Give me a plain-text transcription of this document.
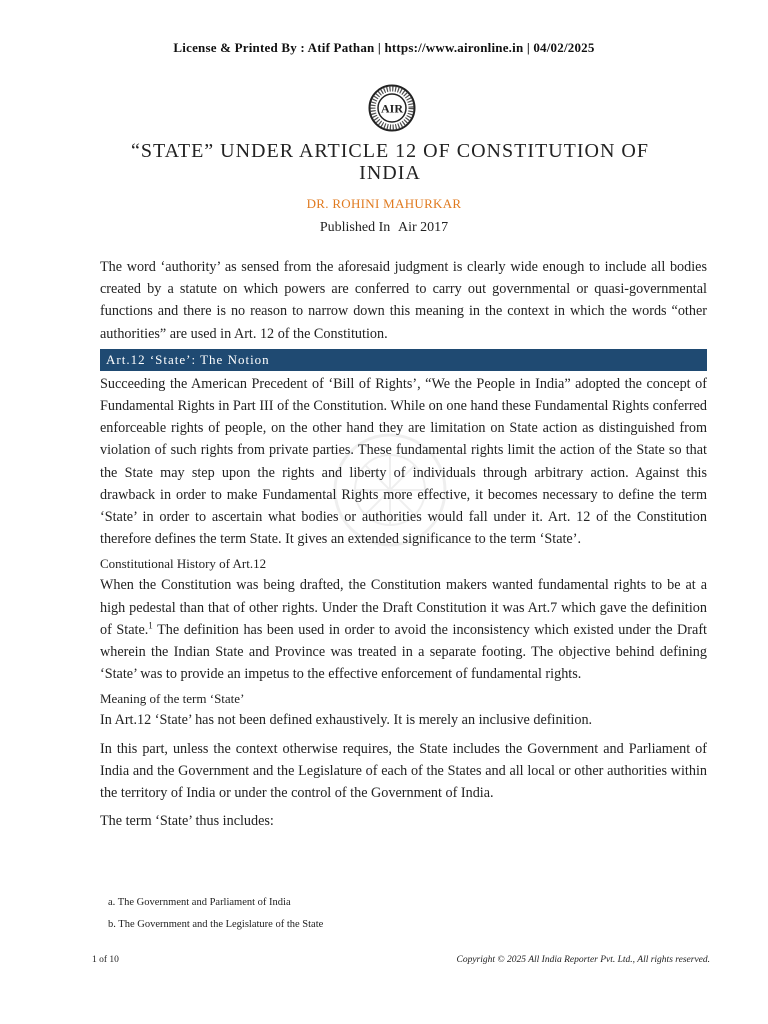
License & Printed By : Atif Pathan | https://www.aironline.in | 04/02/2025
AIR
“STATE” UNDER ARTICLE 12 OF CONSTITUTION OF
INDIA
DR. ROHINI MAHURKAR
Published In Air 2017

The word ‘authority’ as sensed from the aforesaid judgment is clearly wide enough to include all bodies created by a statute on which powers are conferred to carry out governmental or quasi-governmental functions and there is no reason to narrow down this meaning in the context in which the words “other authorities” are used in Art. 12 of the Constitution.

Art.12 ‘State’: The Notion

Succeeding the American Precedent of ‘Bill of Rights’, “We the People in India” adopted the concept of Fundamental Rights in Part III of the Constitution. While on one hand these Fundamental Rights conferred enforceable rights of people, on the other hand they are limitation on State action as distinguished from violation of such rights from private parties. These fundamental rights limit the action of the State so that the State may step upon the rights and liberty of individuals through arbitrary action. Against this drawback in order to make Fundamental Rights more effective, it becomes necessary to define the term ‘State’ in order to ascertain what bodies or authorities would fall under it. Art. 12 of the Constitution therefore defines the term State. It gives an extended significance to the term ‘State’.

Constitutional History of Art.12

When the Constitution was being drafted, the Constitution makers wanted fundamental rights to be at a high pedestal than that of other rights. Under the Draft Constitution it was Art.7 which gave the definition of State.$^1$ The definition has been used in order to avoid the inconsistency which existed under the Draft wherein the Indian State and Province was treated in a separate footing. The objective behind defining ‘State’ was to provide an impetus to the effective enforcement of fundamental rights.

Meaning of the term ‘State’

In Art.12 ‘State’ has not been defined exhaustively. It is merely an inclusive definition.

In this part, unless the context otherwise requires, the State includes the Government and Parliament of India and the Government and the Legislature of each of the States and all local or other authorities within the territory of India or under the control of the Government of India.

The term ‘State’ thus includes:

a. The Government and Parliament of India
b. The Government and the Legislature of the State
1 of 10	Copyright © 2025 All India Reporter Pvt. Ltd., All rights reserved.
